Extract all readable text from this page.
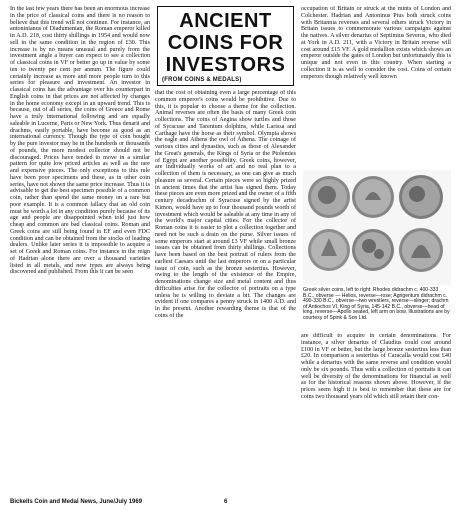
In the last few years there has been an enormous increase in the price of classical coins and there is no reason to believe that this trend will not continue. For instance, an antoninianus of Diadumenian, the Roman emperor killed in A.D. 218, cost thirty shillings in 1954 and would now sell in the same condition in the region of £30. This increase is by no means unusual and purely from the investment angle a buyer can expect to see a collection of classical coins in VF or better go up in value by some ten to twenty per cent per annum. The figure could certainly increase as more and more people turn to this series for pleasure and investment. An investor in classical coins has the advantage over his counterpart in English coins in that prices are not affected by changes in the home economy except in an upward trend. This is because, out of all series, the coins of Greece and Rome have a truly international following and are equally saleable in Lucerne, Paris or New York. Thus denarii and drachms, easily portable, have become as good as an international currency. Though the type of coin bought by the pure investor may be in the hundreds or thousands of pounds, the more modest collector should not be discouraged. Prices have tended to move in a similar pattern for quite low priced articles as well as the rare and expensive pieces. The only exceptions to this rule have been poor specimens and these, as in other coin series, have not shown the same price increase. Thus it is advisable to get the best specimen possible of a common coin, rather than spend the same money on a rare but poor example. It is a common fallacy that an old coin must be worth a lot in any condition purely because of its age and people are disappointed when told just how cheap and common are bad classical coins. Roman and Greek coins are still being found in EF and even FDC condition and can be obtained from the stocks of leading dealers. Unlike later series it is impossible to acquire a set of Greek and Roman coins. For instance in the reign of Hadrian alone there are over a thousand varieties listed in all metals, and new types are always being discovered and published. From this it can be seen

ANCIENT
COINS FOR
INVESTORS
(FROM COINS & MEDALS)

that the cost of obtaining even a large percentage of this common emperor's coins would be prohibitive. Due to this, it is popular to choose a theme for the collection. Animal reverses are often the basis of many Greek coin collections. The coins of Aegina show turtles and those of Syracuse and Tarentum dolphins, while Larissa and Carthage have the horse as their symbol. Olympia shows the eagle and Athens the owl of Athena. The coinage of various cities and dynasties, such as those of Alexander the Great's generals, the Kings of Syria or the Ptolemies of Egypt are another possibility. Greek coins, however, are individually works of art and no real plan to a collection of them is necessary, as one can give as much pleasure as several. Certain pieces were so highly prized in ancient times that the artist has signed them. Today these pieces are even more prized and the owner of a fifth century decadrachm of Syracuse signed by the artist Kimon, would have up to four thousand pounds worth of investment which would be saleable at any time in any of the world's major capital cities. For the collector of Roman coins it is easier to plot a collection together and need not be such a drain on the purse. Silver issues of some emperors start at around £3 VF while small bronze issues can be obtained from thirty shillings. Collections have been based on the best portrait of rulers from the earliest Caesars until the last emperors or on a particular issue of coin, such as the bronze sestertius. However, owing to the length of the existence of the Empire, denominations change size and metal content and thus difficulties arise for the collector of portraits on a type unless he is willing to deviate a bit. The changes are evident if one compares a penny struck in 1400 A.D. and in the present. Another rewarding theme is that of the coins of the

occupation of Britain or struck at the mints of London and Colchester. Hadrian and Antoninus Pius both struck coins with Britannia reverses and several others struck Victory in Britain issues to commemorate various campaigns against the natives. A silver denarius of Septimius Severus, who died at York in A.D. 211, with a Victory in Britain reverse will cost around £15 VF. A gold medallion exists which shows an emperor outside the gates of London but unfortunately this is unique and not even in this country. When starting a collection it is as well to consider the cost. Coins of certain emperors though relatively well known

Greek silver coins, left to right: Rhodes didrachm c. 400-333 B.C., obverse — Helios, reverse—rose; Agrigentum didrachm c. 490-330 B.C., obverse—two wrestlers, reverse—slinger; drachm of Antiochos VI, King of Syria, 145-142 B.C., obverse—head of king, reverse—Apollo seated, left arm on bow. Illustrations are by courtesy of Spink & Son Ltd.

are difficult to acquire in certain denominations. For instance, a silver denarius of Claudius could cost around £100 in VF or better, but the large bronze sestertius less than £20. In comparison a sestertius of Caracalla would cost £40 while a denarius with the same reverse and condition would only be six pounds. Thus with a collection of portraits it can well be diversity of the denominations for financial as well as for the historical reasons shown above. However, if the prices seem high it is best to remember that these are for coins two thousand years old which still retain their con-

Bickells Coin and Medal News, June/July 1969	6
